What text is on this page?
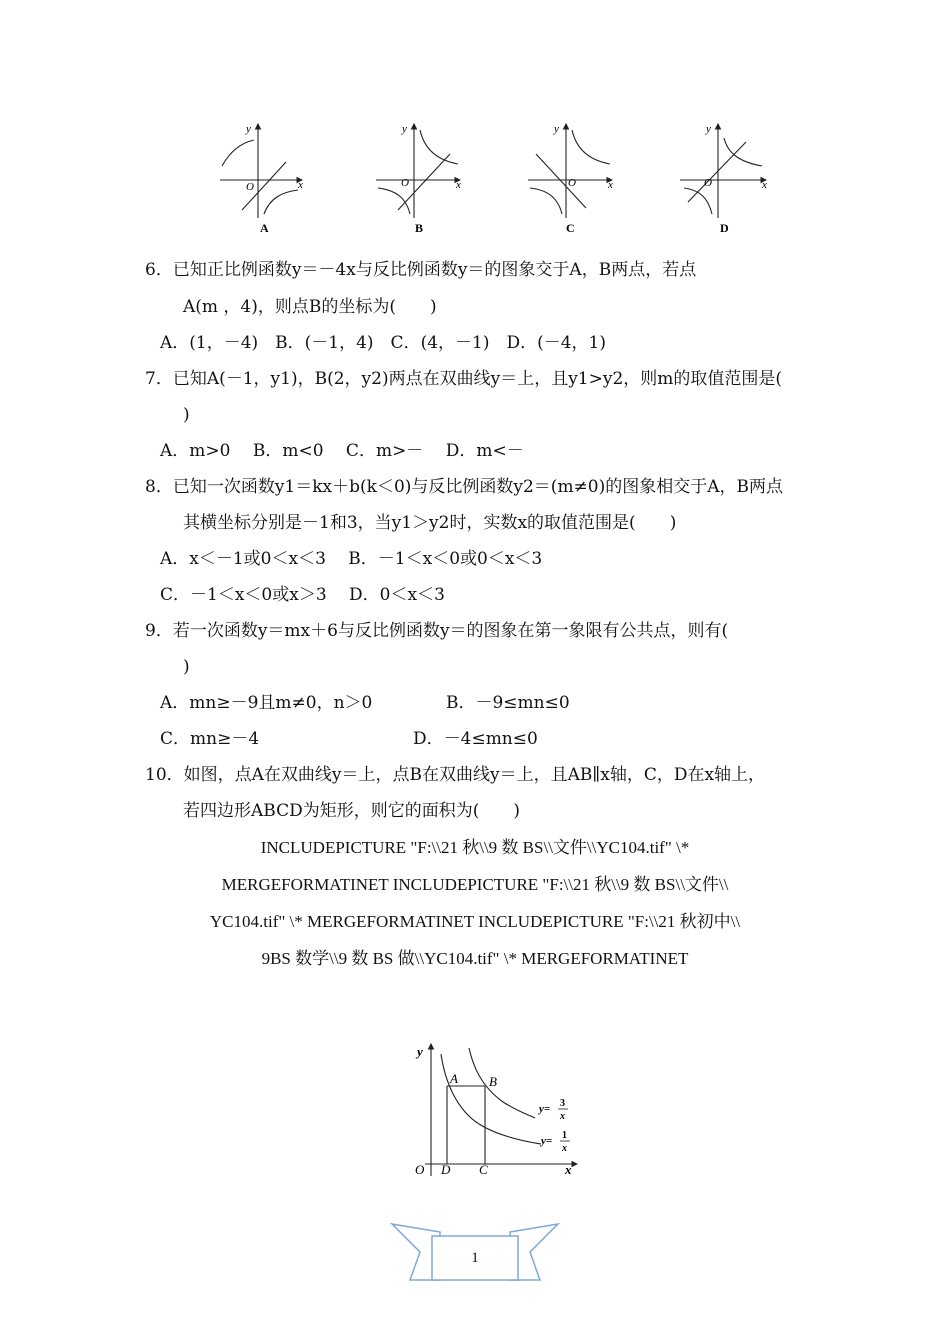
y
x
O
A
y
x
O
B
y
x
O
C
y
x
O
D
6．已知正比例函数y＝－4x与反比例函数y＝的图象交于A，B两点，若点
A(m ，4)，则点B的坐标为(　　)
A．(1，－4)　B．(－1，4)　C．(4，－1)　D．(－4，1)
7．已知A(－1，y1)，B(2，y2)两点在双曲线y＝上，且y1>y2，则m的取值范围是(
)
A．m>0　 B．m<0　 C．m>－　 D．m<－
8．已知一次函数y1＝kx＋b(k＜0)与反比例函数y2＝(m≠0)的图象相交于A，B两点
其横坐标分别是－1和3，当y1＞y2时，实数x的取值范围是(　　)
A．x＜－1或0＜x＜3　 B．－1＜x＜0或0＜x＜3
C．－1＜x＜0或x＞3　 D．0＜x＜3
9．若一次函数y＝mx＋6与反比例函数y＝的图象在第一象限有公共点，则有(
)
A．mn≥－9且m≠0，n＞0	B．－9≤mn≤0
C．mn≥－4	D．－4≤mn≤0
10．如图，点A在双曲线y＝上，点B在双曲线y＝上，且AB∥x轴，C，D在x轴上，
若四边形ABCD为矩形，则它的面积为(　　)
INCLUDEPICTURE "F:\\21 秋\\9 数 BS\\文件\\YC104.tif" \*
MERGEFORMATINET INCLUDEPICTURE "F:\\21 秋\\9 数 BS\\文件\\
YC104.tif" \* MERGEFORMATINET INCLUDEPICTURE "F:\\21 秋初中\\
9BS 数学\\9 数 BS 做\\YC104.tif" \* MERGEFORMATINET
y
O	x
A B
D C
y= 3
x
y= 1
x
1
